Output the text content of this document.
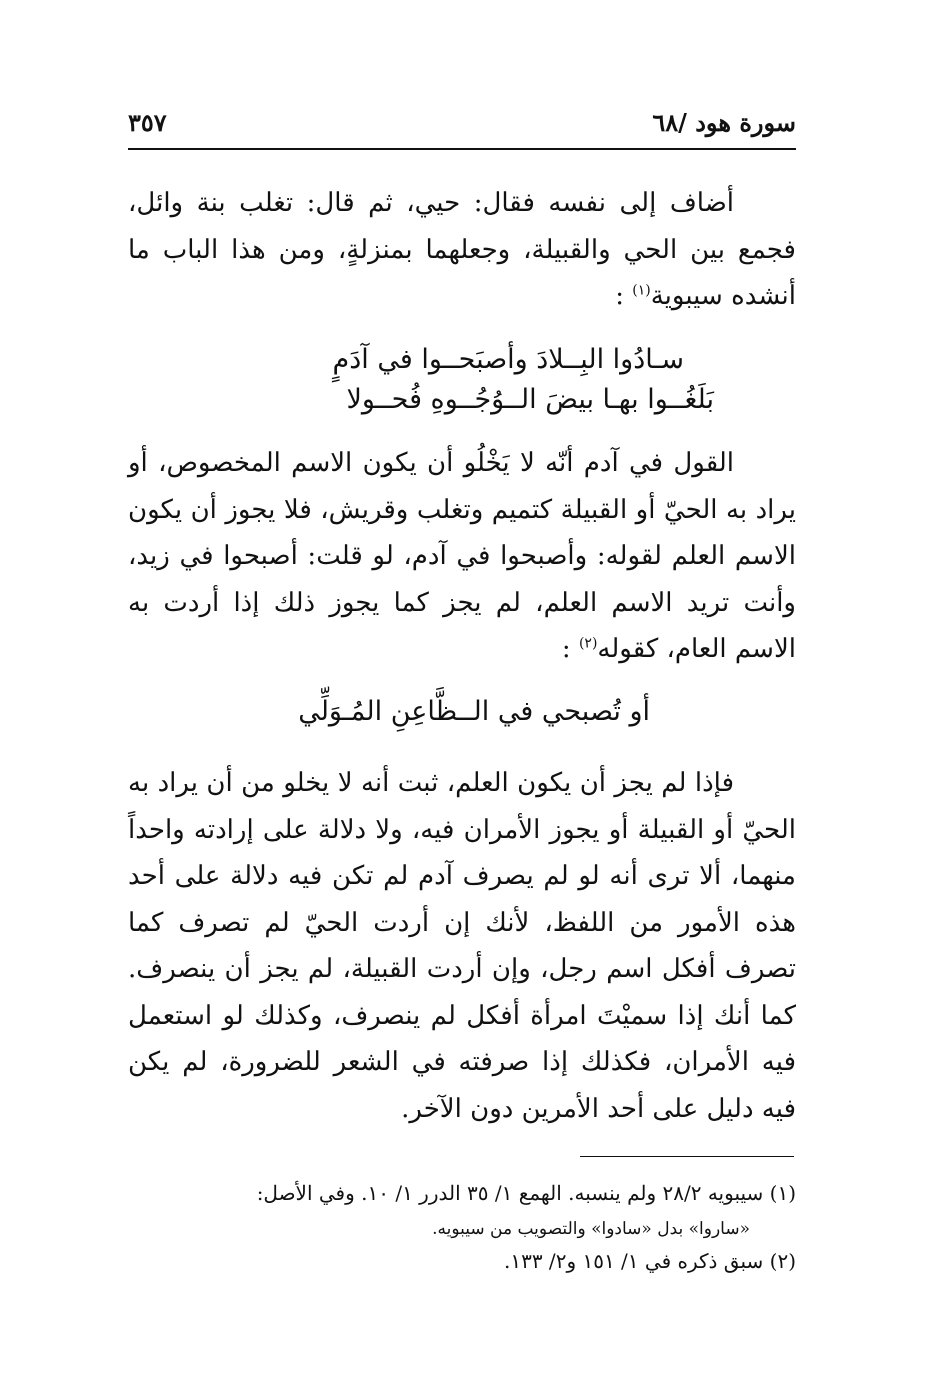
سورة هود /٦٨
٣٥٧

أضاف إلى نفسه فقال: حيي، ثم قال: تغلب بنة وائل، فجمع بين الحي والقبيلة، وجعلهما بمنزلةٍ، ومن هذا الباب ما أنشده سيبوية$^{(١)}$ :

سـادُوا البِــلادَ وأصبَحــوا في آدَمٍ
بَلَغُــوا بهـا بيضَ الــوُجُــوهِ فُحــولا

القول في آدم أنّه لا يَخْلُو أن يكون الاسم المخصوص، أو يراد به الحيّ أو القبيلة كتميم وتغلب وقريش، فلا يجوز أن يكون الاسم العلم لقوله: وأصبحوا في آدم، لو قلت: أصبحوا في زيد، وأنت تريد الاسم العلم، لم يجز كما يجوز ذلك إذا أردت به الاسم العام، كقوله$^{(٢)}$ :

أو تُصبحي في الــظَّاعِنِ المُـوَلِّي

فإذا لم يجز أن يكون العلم، ثبت أنه لا يخلو من أن يراد به الحيّ أو القبيلة أو يجوز الأمران فيه، ولا دلالة على إرادته واحداً منهما، ألا ترى أنه لو لم يصرف آدم لم تكن فيه دلالة على أحد هذه الأمور من اللفظ، لأنك إن أردت الحيّ لم تصرف كما تصرف أفكل اسم رجل، وإن أردت القبيلة، لم يجز أن ينصرف. كما أنك إذا سميْتَ امرأة أفكل لم ينصرف، وكذلك لو استعمل فيه الأمران، فكذلك إذا صرفته في الشعر للضرورة، لم يكن فيه دليل على أحد الأمرين دون الآخر.

(١) سيبويه ٢٨/٢ ولم ينسبه. الهمع ١/ ٣٥ الدرر ١/ ١٠. وفي الأصل:

«ساروا» بدل «سادوا» والتصويب من سيبويه.

(٢) سبق ذكره في ١/ ١٥١ و٢/ ١٣٣.
